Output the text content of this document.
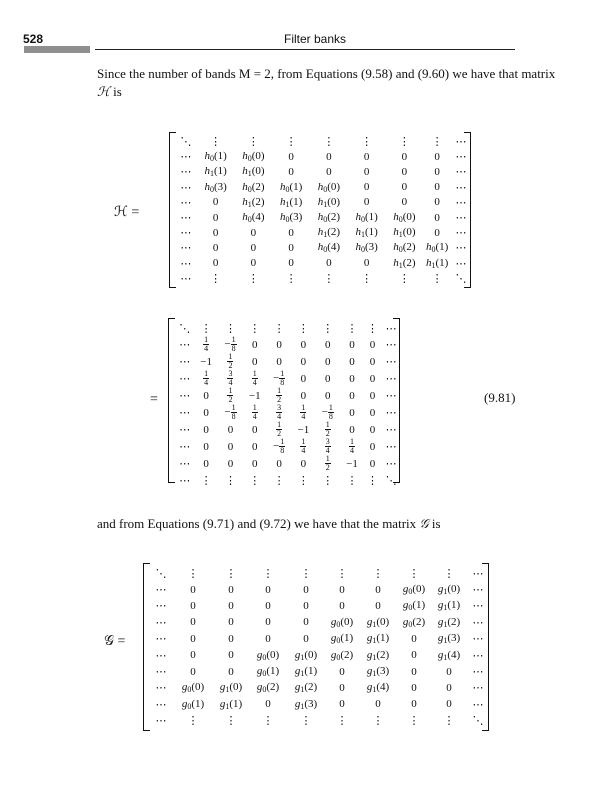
528	Filter banks
Since the number of bands M = 2, from Equations (9.58) and (9.60) we have that matrix
ℋ is
ℋ =
⋱	⋮	⋮	⋮	⋮	⋮	⋮	⋮	⋯
⋯	$h_0(1)$	$h_0(0)$	0	0	0	0	0	⋯
⋯	$h_1(1)$	$h_1(0)$	0	0	0	0	0	⋯
⋯	$h_0(3)$	$h_0(2)$	$h_0(1)$	$h_0(0)$	0	0	0	⋯
⋯	0	$h_1(2)$	$h_1(1)$	$h_1(0)$	0	0	0	⋯
⋯	0	$h_0(4)$	$h_0(3)$	$h_0(2)$	$h_0(1)$	$h_0(0)$	0	⋯
⋯	0	0	0	$h_1(2)$	$h_1(1)$	$h_1(0)$	0	⋯
⋯	0	0	0	$h_0(4)$	$h_0(3)$	$h_0(2)$	$h_0(1)$	⋯
⋯	0	0	0	0	0	$h_1(2)$	$h_1(1)$	⋯
⋯	⋮	⋮	⋮	⋮	⋮	⋮	⋮	⋱
=
⋱	⋮	⋮	⋮	⋮	⋮	⋮	⋮	⋮	⋯
⋯	$\frac{1}{4}$	− $\frac{1}{8}$	0	0	0	0	0	0	⋯
⋯	−1	$\frac{1}{2}$	0	0	0	0	0	0	⋯
⋯	$\frac{1}{4}$	$\frac{3}{4}$	$\frac{1}{4}$	− $\frac{1}{8}$	0	0	0	0	⋯
⋯	0	$\frac{1}{2}$	−1	$\frac{1}{2}$	0	0	0	0	⋯
⋯	0	− $\frac{1}{8}$	$\frac{1}{4}$	$\frac{3}{4}$	$\frac{1}{4}$	− $\frac{1}{8}$	0	0	⋯
⋯	0	0	0	$\frac{1}{2}$	−1	$\frac{1}{2}$	0	0	⋯
⋯	0	0	0	− $\frac{1}{8}$	$\frac{1}{4}$	$\frac{3}{4}$	$\frac{1}{4}$	0	⋯
⋯	0	0	0	0	0	$\frac{1}{2}$	−1	0	⋯
⋯	⋮	⋮	⋮	⋮	⋮	⋮	⋮	⋮	⋱
(9.81)
and from Equations (9.71) and (9.72) we have that the matrix 𝒢 is
𝒢 =
⋱	⋮	⋮	⋮	⋮	⋮	⋮	⋮	⋮	⋯
⋯	0	0	0	0	0	0	$g_0(0)$	$g_1(0)$	⋯
⋯	0	0	0	0	0	0	$g_0(1)$	$g_1(1)$	⋯
⋯	0	0	0	0	$g_0(0)$	$g_1(0)$	$g_0(2)$	$g_1(2)$	⋯
⋯	0	0	0	0	$g_0(1)$	$g_1(1)$	0	$g_1(3)$	⋯
⋯	0	0	$g_0(0)$	$g_1(0)$	$g_0(2)$	$g_1(2)$	0	$g_1(4)$	⋯
⋯	0	0	$g_0(1)$	$g_1(1)$	0	$g_1(3)$	0	0	⋯
⋯	$g_0(0)$	$g_1(0)$	$g_0(2)$	$g_1(2)$	0	$g_1(4)$	0	0	⋯
⋯	$g_0(1)$	$g_1(1)$	0	$g_1(3)$	0	0	0	0	⋯
⋯	⋮	⋮	⋮	⋮	⋮	⋮	⋮	⋮	⋱
